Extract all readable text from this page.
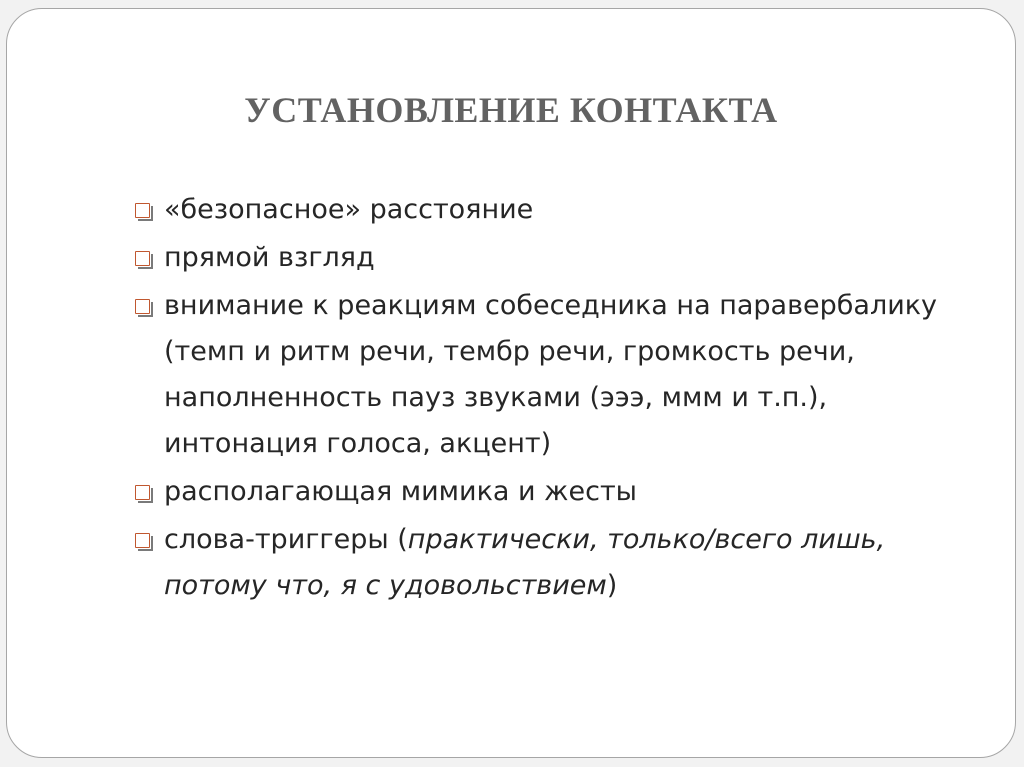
УСТАНОВЛЕНИЕ КОНТАКТА
«безопасное» расстояние
прямой взгляд
внимание к реакциям собеседника на паравербалику (темп и ритм речи, тембр речи, громкость речи, наполненность пауз звуками (эээ, ммм и т.п.), интонация голоса, акцент)
располагающая мимика и жесты
слова-триггеры (практически, только/всего лишь, потому что, я с удовольствием)
